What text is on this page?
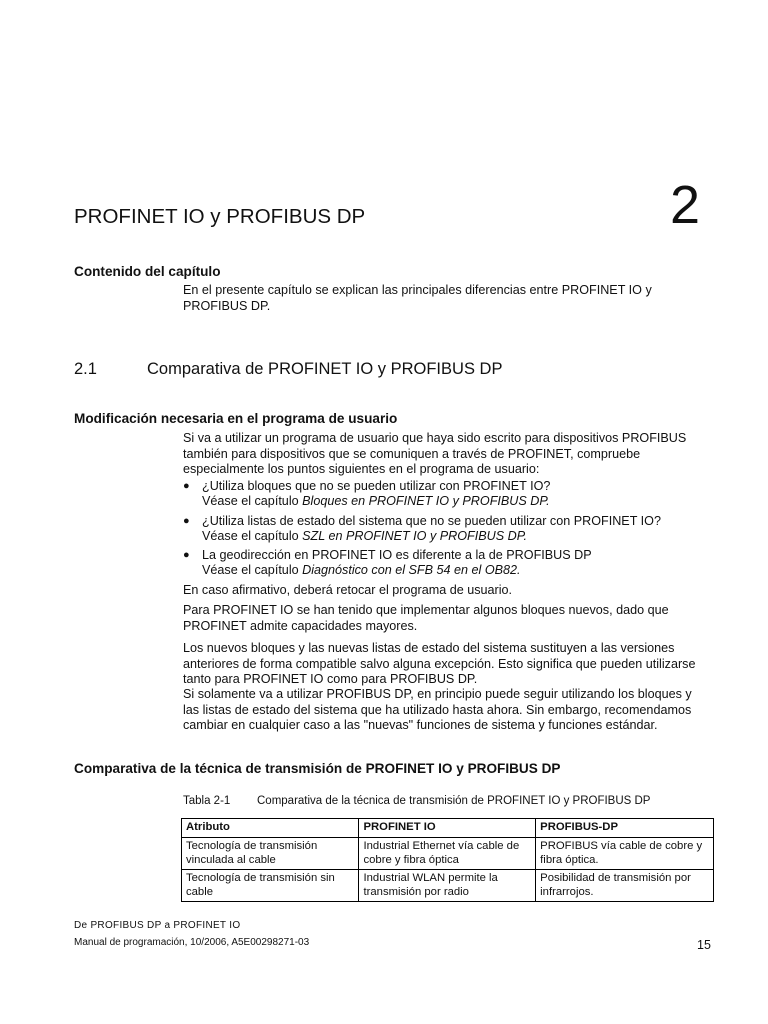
PROFINET IO y PROFIBUS DP	2
Contenido del capítulo
En el presente capítulo se explican las principales diferencias entre PROFINET IO y
PROFIBUS DP.
2.1	Comparativa de PROFINET IO y PROFIBUS DP
Modificación necesaria en el programa de usuario
Si va a utilizar un programa de usuario que haya sido escrito para dispositivos PROFIBUS
también para dispositivos que se comuniquen a través de PROFINET, compruebe
especialmente los puntos siguientes en el programa de usuario:
● ¿Utiliza bloques que no se pueden utilizar con PROFINET IO?
Véase el capítulo Bloques en PROFINET IO y PROFIBUS DP.
● ¿Utiliza listas de estado del sistema que no se pueden utilizar con PROFINET IO?
Véase el capítulo SZL en PROFINET IO y PROFIBUS DP.
● La geodirección en PROFINET IO es diferente a la de PROFIBUS DP
Véase el capítulo Diagnóstico con el SFB 54 en el OB82.
En caso afirmativo, deberá retocar el programa de usuario.
Para PROFINET IO se han tenido que implementar algunos bloques nuevos, dado que
PROFINET admite capacidades mayores.
Los nuevos bloques y las nuevas listas de estado del sistema sustituyen a las versiones
anteriores de forma compatible salvo alguna excepción. Esto significa que pueden utilizarse
tanto para PROFINET IO como para PROFIBUS DP.
Si solamente va a utilizar PROFIBUS DP, en principio puede seguir utilizando los bloques y
las listas de estado del sistema que ha utilizado hasta ahora. Sin embargo, recomendamos
cambiar en cualquier caso a las "nuevas" funciones de sistema y funciones estándar.
Comparativa de la técnica de transmisión de PROFINET IO y PROFIBUS DP
Tabla 2-1 Comparativa de la técnica de transmisión de PROFINET IO y PROFIBUS DP
Atributo	PROFINET IO	PROFIBUS-DP

Tecnología de transmisión
vinculada al cable	Industrial Ethernet vía cable de
cobre y fibra óptica	PROFIBUS vía cable de cobre y
fibra óptica.

Tecnología de transmisión sin
cable	Industrial WLAN permite la
transmisión por radio	Posibilidad de transmisión por
infrarrojos.
De PROFIBUS DP a PROFINET IO
Manual de programación, 10/2006, A5E00298271-03	15
